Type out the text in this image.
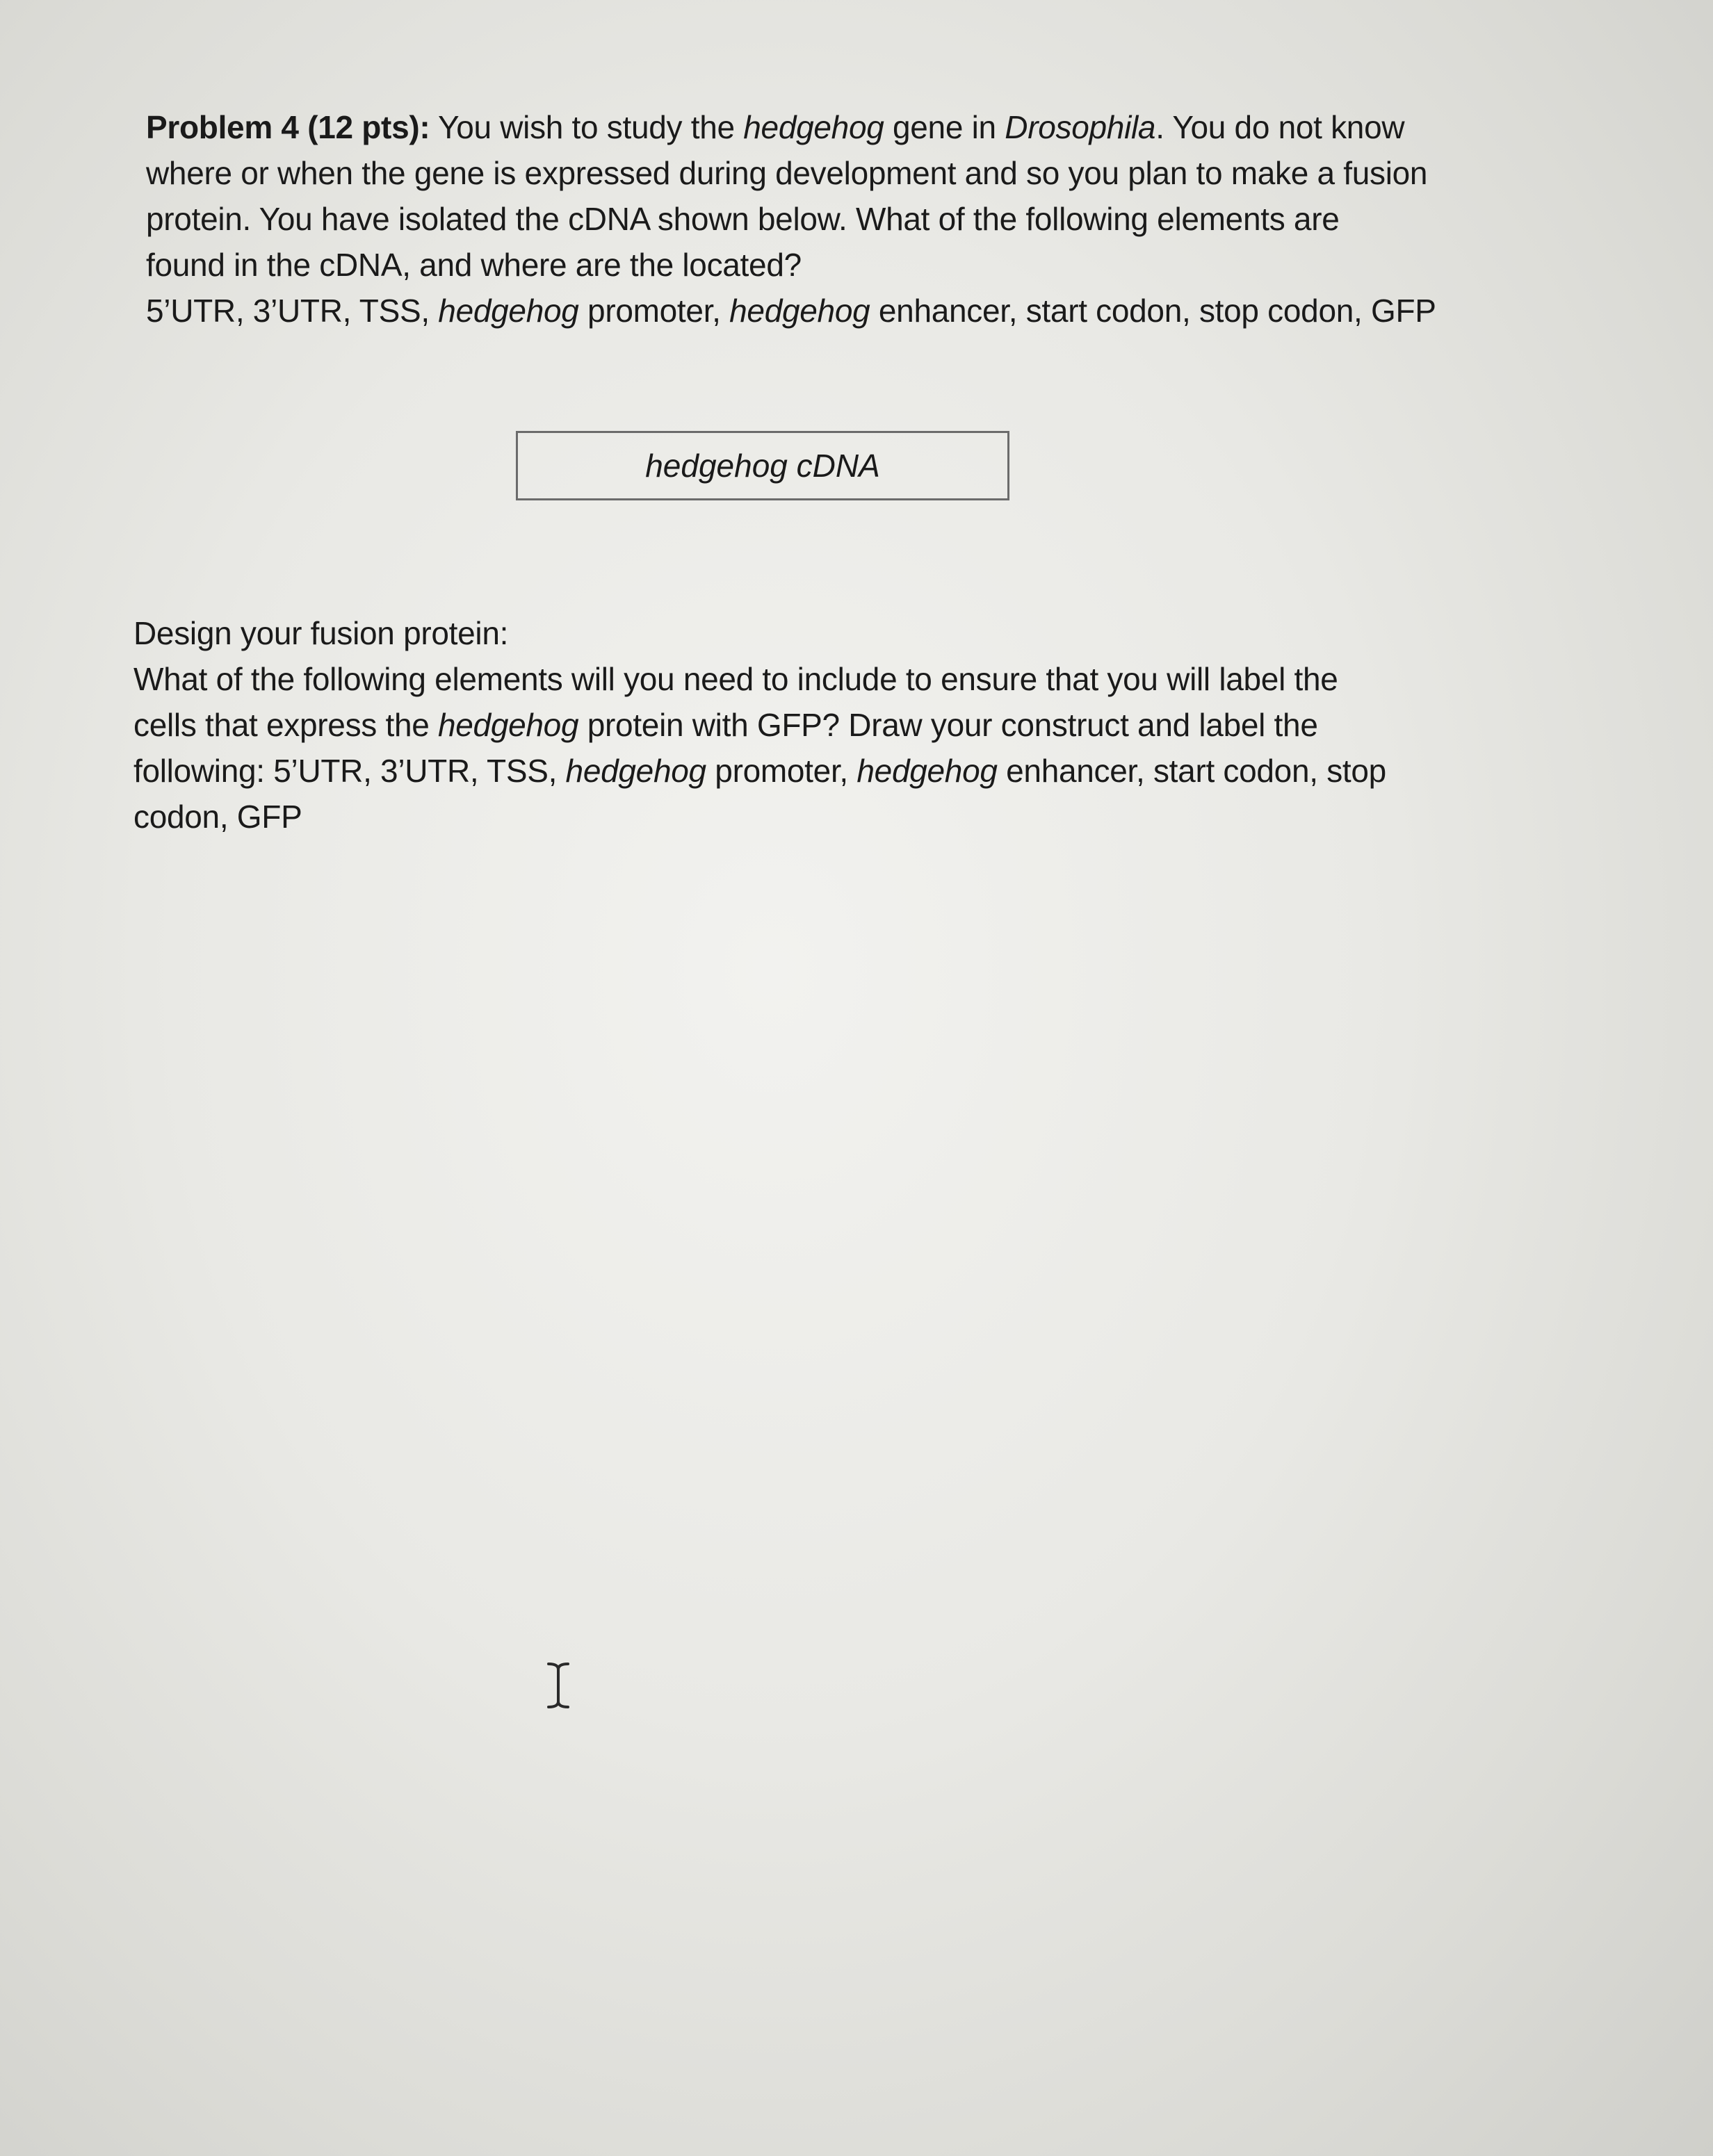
Problem 4 (12 pts): You wish to study the hedgehog gene in Drosophila. You do not know
where or when the gene is expressed during development and so you plan to make a fusion
protein. You have isolated the cDNA shown below. What of the following elements are
found in the cDNA, and where are the located?
5’UTR, 3’UTR, TSS, hedgehog promoter, hedgehog enhancer, start codon, stop codon, GFP
hedgehog cDNA
Design your fusion protein:
What of the following elements will you need to include to ensure that you will label the
cells that express the hedgehog protein with GFP? Draw your construct and label the
following: 5’UTR, 3’UTR, TSS, hedgehog promoter, hedgehog enhancer, start codon, stop
codon, GFP
